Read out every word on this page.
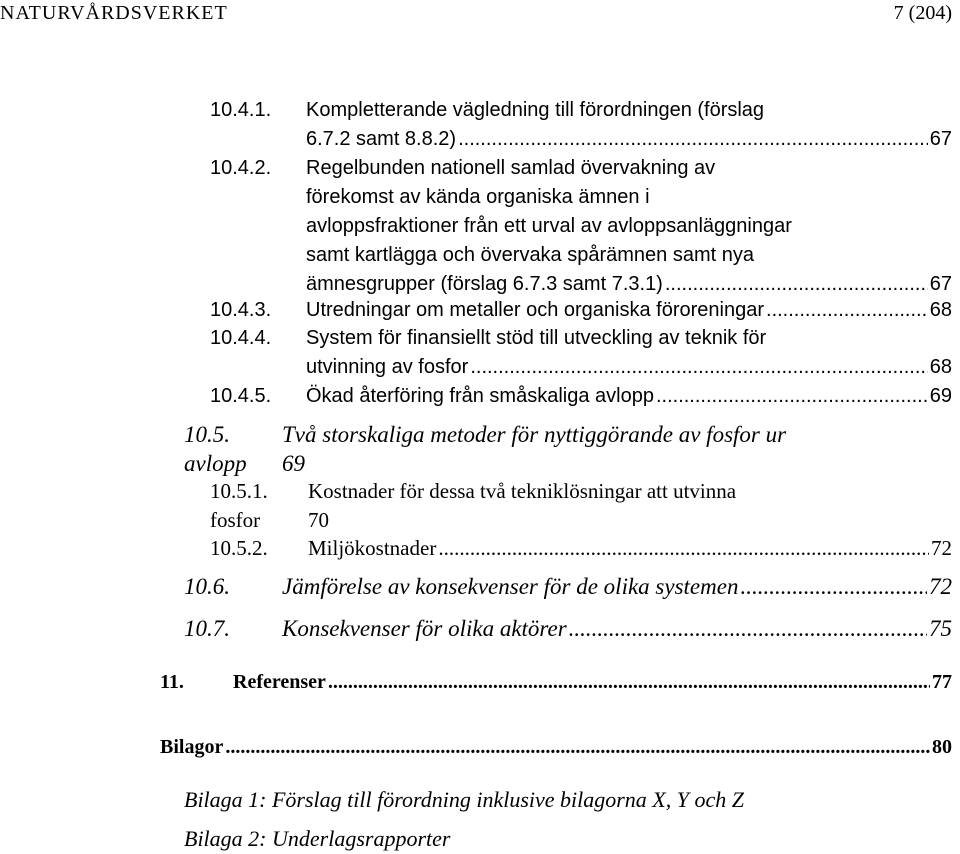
NATURVÅRDSVERKET	7 (204)
10.4.1. Kompletterande vägledning till förordningen (förslag
6.7.2 samt 8.8.2) .....	67
10.4.2. Regelbunden nationell samlad övervakning av
förekomst av kända organiska ämnen i
avloppsfraktioner från ett urval av avloppsanläggningar
samt kartlägga och övervaka spårämnen samt nya
ämnesgrupper (förslag 6.7.3 samt 7.3.1) .....	67
10.4.3. Utredningar om metaller och organiska föroreningar .....	68
10.4.4. System för finansiellt stöd till utveckling av teknik för
utvinning av fosfor .....	68
10.4.5. Ökad återföring från småskaliga avlopp .....	69
10.5. Två storskaliga metoder för nyttiggörande av fosfor ur
avlopp 69
10.5.1. Kostnader för dessa två tekniklösningar att utvinna
fosfor 70
10.5.2. Miljökostnader .....	72
10.6. Jämförelse av konsekvenser för de olika systemen .....	72
10.7. Konsekvenser för olika aktörer .....	75
11. Referenser .....	77
Bilagor .....	80
Bilaga 1: Förslag till förordning inklusive bilagorna X, Y och Z
Bilaga 2: Underlagsrapporter
